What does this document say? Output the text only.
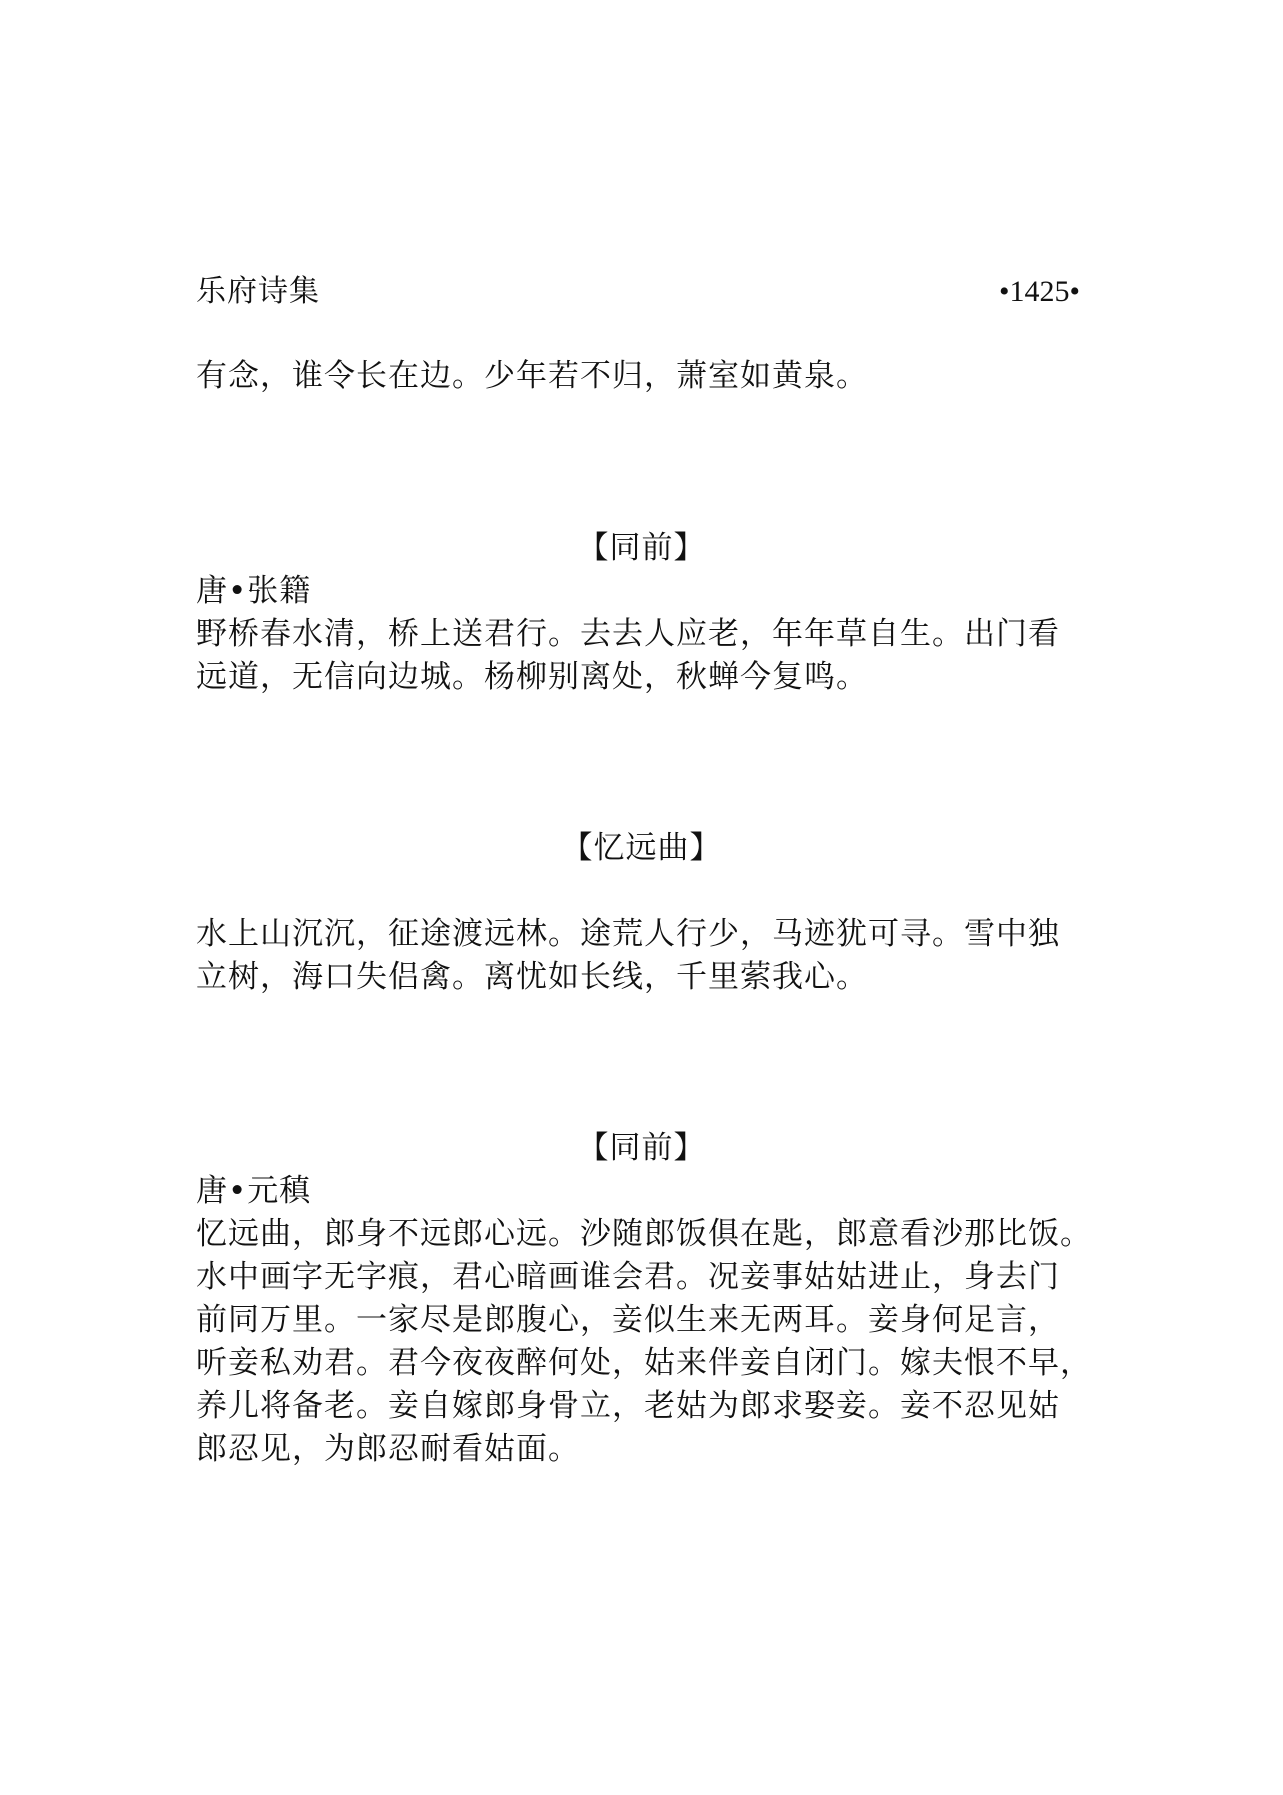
乐府诗集	•1425•
有念，谁令长在边。少年若不归，萧室如黄泉。
【同前】
唐•张籍
野桥春水清，桥上送君行。去去人应老，年年草自生。出门看
远道，无信向边城。杨柳别离处，秋蝉今复鸣。
【忆远曲】
水上山沉沉，征途渡远林。途荒人行少，马迹犹可寻。雪中独
立树，海口失侣禽。离忧如长线，千里萦我心。
【同前】
唐•元稹
忆远曲，郎身不远郎心远。沙随郎饭俱在匙，郎意看沙那比饭。
水中画字无字痕，君心暗画谁会君。况妾事姑姑进止，身去门
前同万里。一家尽是郎腹心，妾似生来无两耳。妾身何足言，
听妾私劝君。君今夜夜醉何处，姑来伴妾自闭门。嫁夫恨不早，
养儿将备老。妾自嫁郎身骨立，老姑为郎求娶妾。妾不忍见姑
郎忍见，为郎忍耐看姑面。
